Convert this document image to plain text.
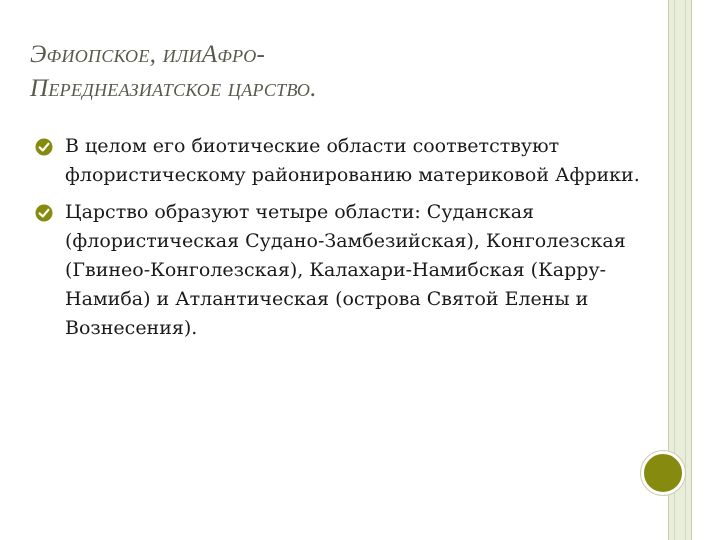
Эфиопское, илиАфро-
Переднеазиатское царство.
В целом его биотические области соответствуют флористическому районированию материковой Африки.
Царство образуют четыре области: Суданская (флористическая Судано-Замбезийская), Конголезская (Гвинео-Конголезская), Калахари-Намибская (Карру-Намиба) и Атлантическая (острова Святой Елены и Вознесения).
